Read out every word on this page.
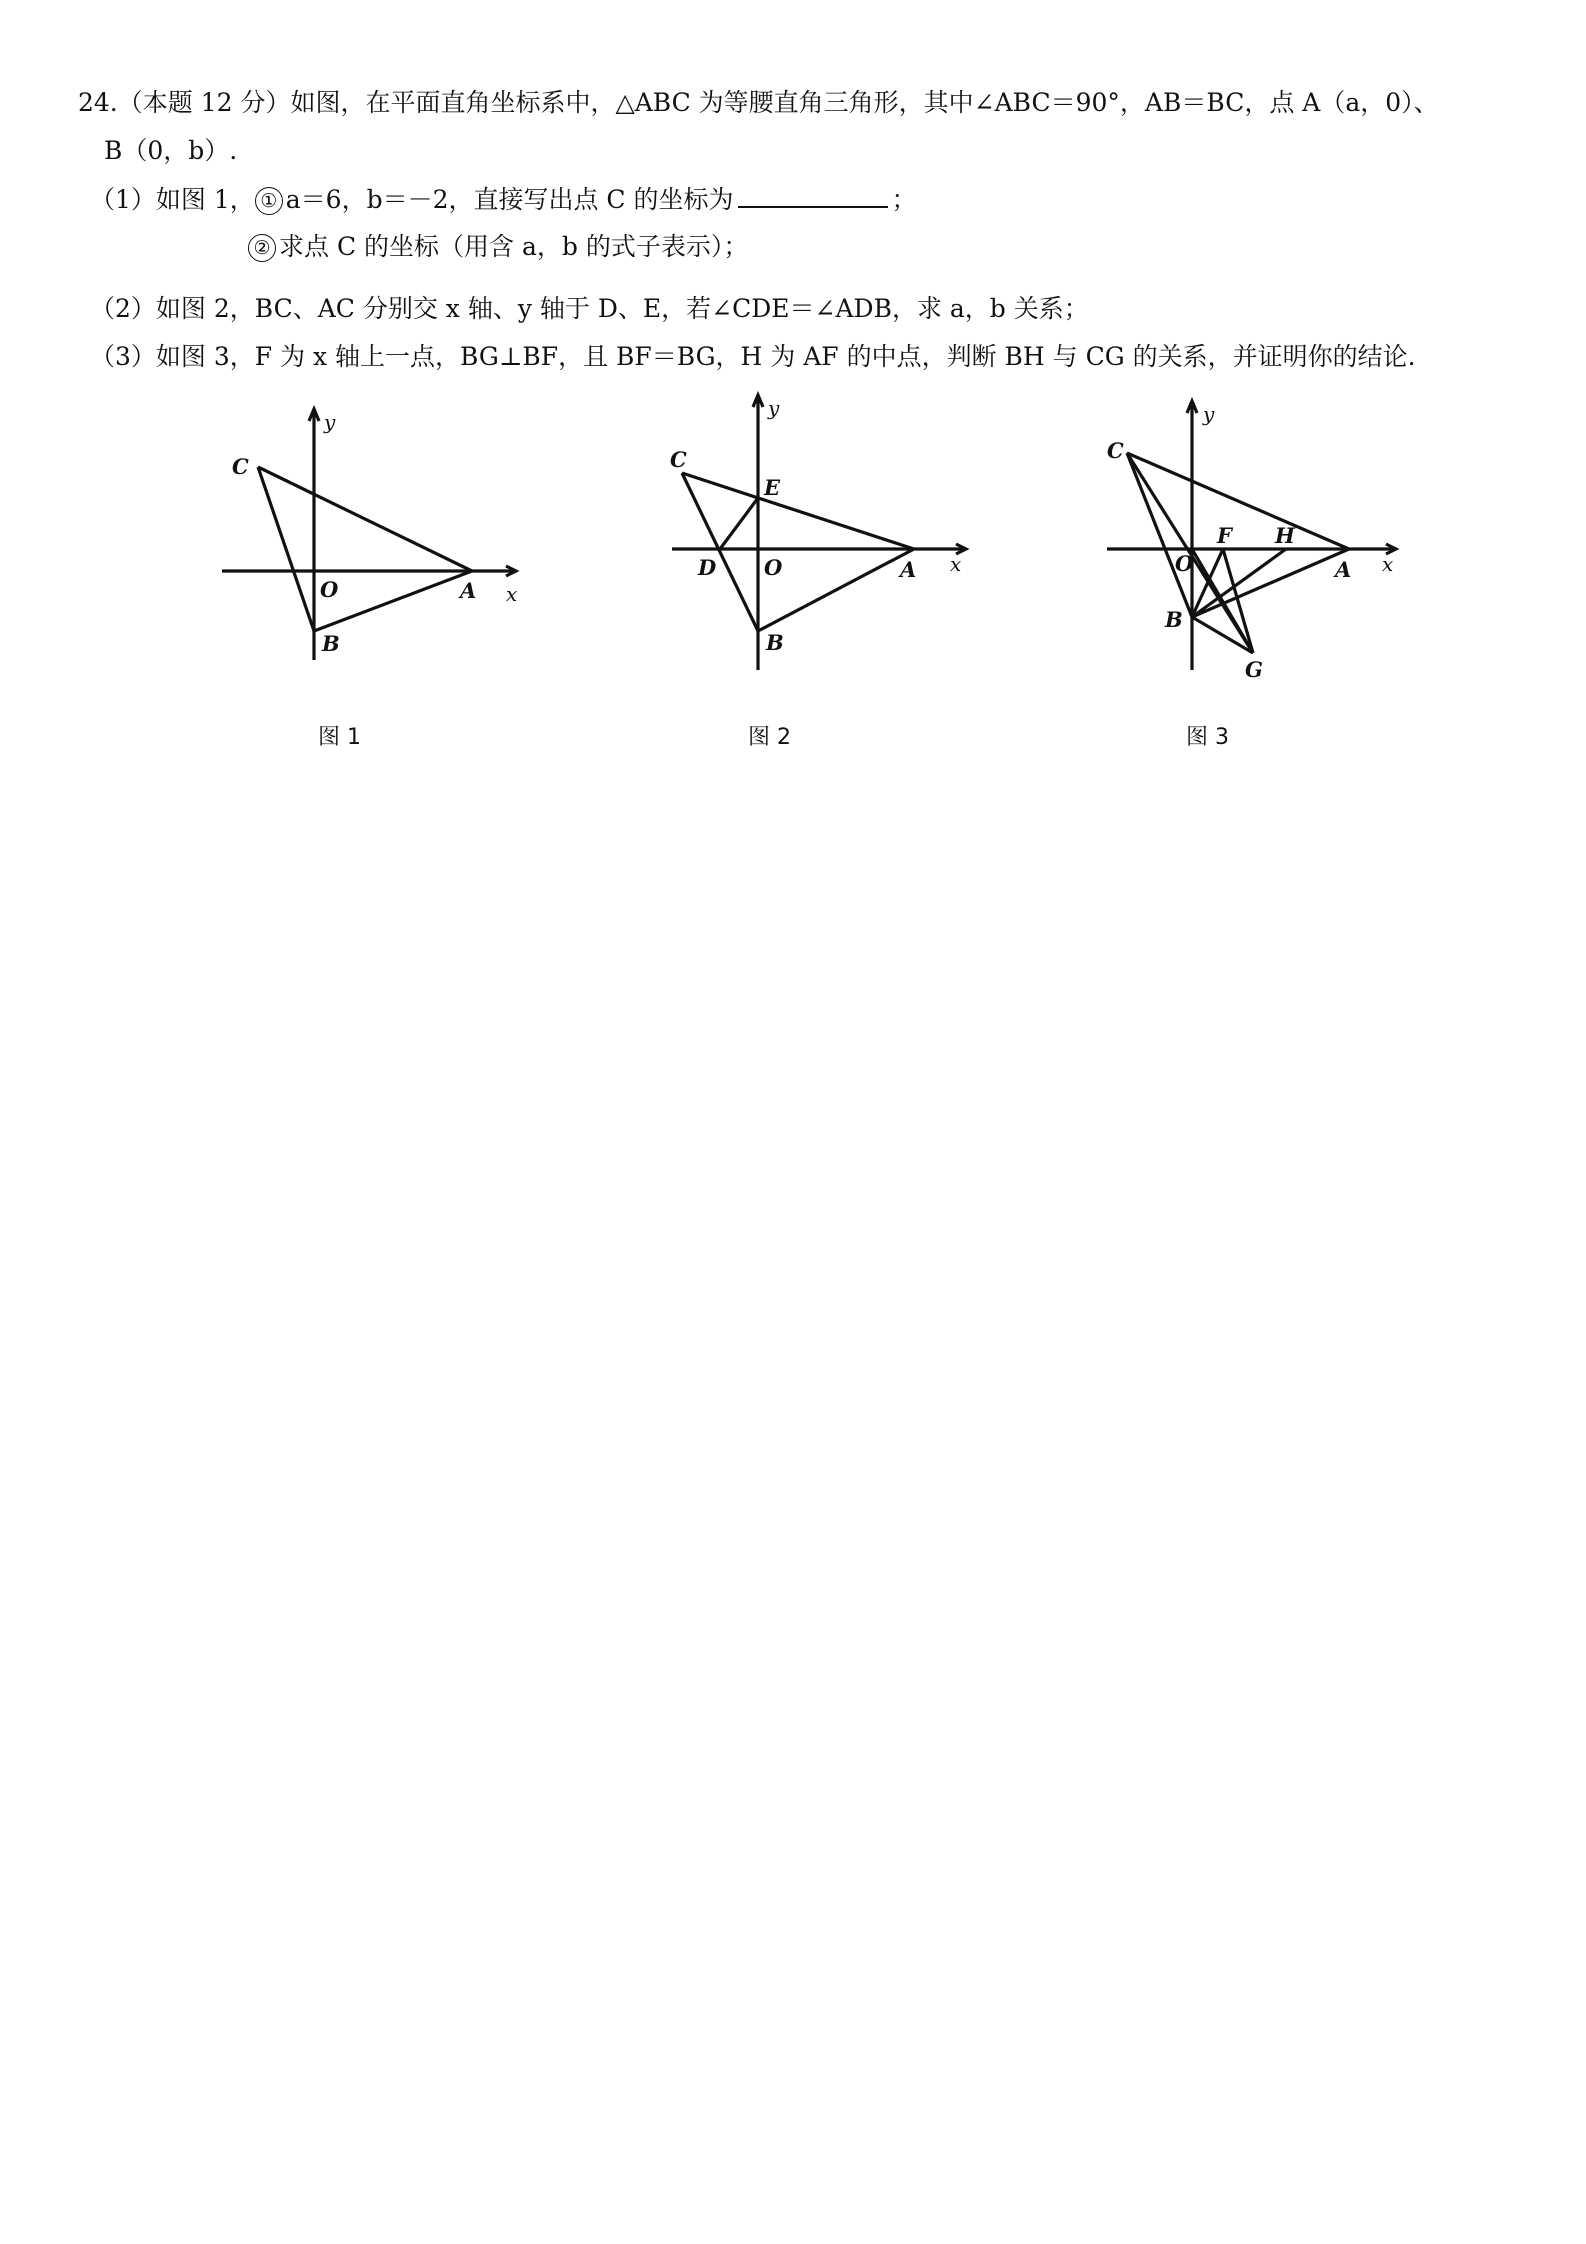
24.（本题 12 分）如图，在平面直角坐标系中，△ABC 为等腰直角三角形，其中∠ABC＝90°，AB＝BC，点 A（a，0）、
B（0，b）.
（1）如图 1， ① a＝6，b＝－2，直接写出点 C 的坐标为	；
② 求点 C 的坐标（用含 a，b 的式子表示）；
（2）如图 2，BC、AC 分别交 x 轴、y 轴于 D、E，若∠CDE＝∠ADB，求 a，b 关系；
（3）如图 3，F 为 x 轴上一点，BG⊥BF，且 BF＝BG，H 为 AF 的中点，判断 BH 与 CG 的关系，并证明你的结论.
C
O	A
B
x
y
C
E
D O	A
B
x
y
C
O
F H
A
B
G
x
y
图 1	图 2	图 3
